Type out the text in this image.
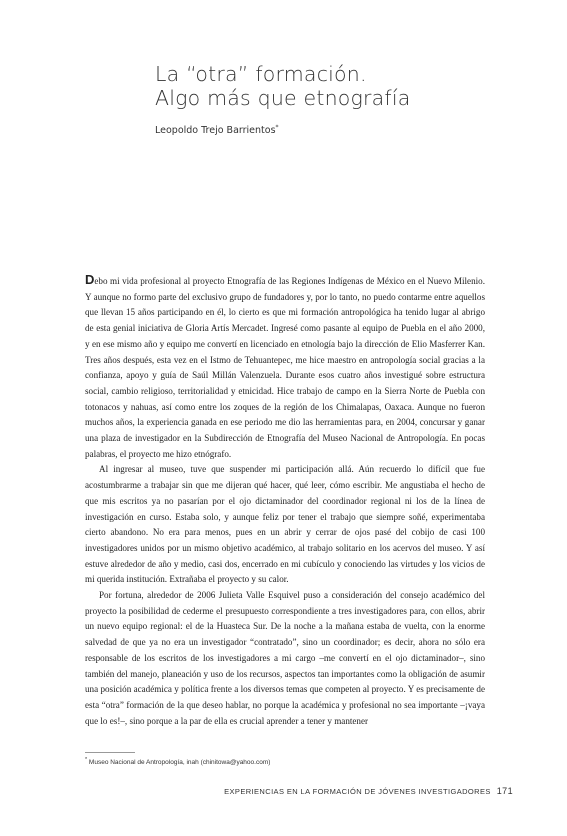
La “otra” formación.
Algo más que etnografía
Leopoldo Trejo Barrientos*

Debo mi vida profesional al proyecto Etnografía de las Regiones Indígenas de México en el Nuevo Milenio. Y aunque no formo parte del exclusivo grupo de fundadores y, por lo tanto, no puedo contarme entre aquellos que llevan 15 años participando en él, lo cierto es que mi formación antropológica ha tenido lugar al abrigo de esta genial iniciativa de Gloria Artís Mercadet. Ingresé como pasante al equipo de Puebla en el año 2000, y en ese mismo año y equipo me convertí en licenciado en etnología bajo la dirección de Elio Masferrer Kan. Tres años después, esta vez en el Istmo de Tehuantepec, me hice maestro en antropología social gracias a la confianza, apoyo y guía de Saúl Millán Valenzuela. Durante esos cuatro años investigué sobre estructura social, cambio religioso, territorialidad y etnicidad. Hice trabajo de campo en la Sierra Norte de Puebla con totonacos y nahuas, así como entre los zoques de la región de los Chimalapas, Oaxaca. Aunque no fueron muchos años, la experiencia ganada en ese periodo me dio las herramientas para, en 2004, concursar y ganar una plaza de investigador en la Subdirección de Etnografía del Museo Nacional de Antropología. En pocas palabras, el proyecto me hizo etnógrafo.

Al ingresar al museo, tuve que suspender mi participación allá. Aún recuerdo lo difícil que fue acostumbrarme a trabajar sin que me dijeran qué hacer, qué leer, cómo escribir. Me angustiaba el hecho de que mis escritos ya no pasarían por el ojo dictaminador del coordinador regional ni los de la línea de investigación en curso. Estaba solo, y aunque feliz por tener el trabajo que siempre soñé, experimentaba cierto abandono. No era para menos, pues en un abrir y cerrar de ojos pasé del cobijo de casi 100 investigadores unidos por un mismo objetivo académico, al trabajo solitario en los acervos del museo. Y así estuve alrededor de año y medio, casi dos, encerrado en mi cubículo y conociendo las virtudes y los vicios de mi querida institución. Extrañaba el proyecto y su calor.

Por fortuna, alrededor de 2006 Julieta Valle Esquivel puso a consideración del consejo académico del proyecto la posibilidad de cederme el presupuesto correspondiente a tres investigadores para, con ellos, abrir un nuevo equipo regional: el de la Huasteca Sur. De la noche a la mañana estaba de vuelta, con la enorme salvedad de que ya no era un investigador “contratado”, sino un coordinador; es decir, ahora no sólo era responsable de los escritos de los investigadores a mi cargo –me convertí en el ojo dictaminador–, sino también del manejo, planeación y uso de los recursos, aspectos tan importantes como la obligación de asumir una posición académica y política frente a los diversos temas que competen al proyecto. Y es precisamente de esta “otra” formación de la que deseo hablar, no porque la académica y profesional no sea importante –¡vaya que lo es!–, sino porque a la par de ella es crucial aprender a tener y mantener

* Museo Nacional de Antropología, inah (chinitowa@yahoo.com)
EXPERIENCIAS EN LA FORMACIÓN DE JÓVENES INVESTIGADORES 171
